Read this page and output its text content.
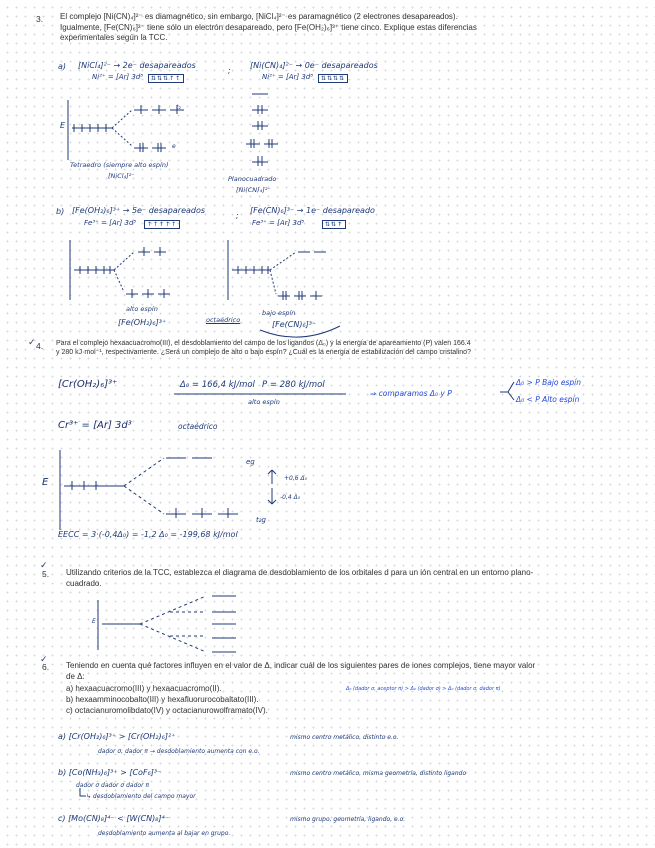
3. El complejo [Ni(CN)₄]²⁻ es diamagnético, sin embargo, [NiCl₄]²⁻ es paramagnético (2 electrones desapareados). Igualmente, [Fe(CN)₆]³⁻ tiene sólo un electrón desapareado, pero [Fe(OH₂)₆]³⁺ tiene cinco. Explique estas diferencias experimentales según la TCC.
a) [NiCl₄]²⁻ → 2e⁻ desapareados
Ni²⁺ = [Ar] 3d⁸	⇅⇅⇅↑↑
;
[Ni(CN)₄]²⁻ → 0e⁻ desapareados
Ni²⁺ = [Ar] 3d⁸	⇅⇅⇅⇅
E
t₂
e
Tetraedro (siempre alto espín)
[NiCl₄]²⁻	Planocuadrado
[Ni(CN)₄]²⁻
b) [Fe(OH₂)₆]³⁺ → 5e⁻ desapareados
Fe³⁺ = [Ar] 3d⁵	↑↑↑↑↑
;
[Fe(CN)₆]³⁻ → 1e⁻ desapareado
Fe³⁺ = [Ar] 3d⁵	⇅⇅↑
alto espín
[Fe(OH₂)₆]³⁺	octaédrico
bajo espín
[Fe(CN)₆]³⁻
✓ 4. Para el complejo hexaacuacromo(III), el desdoblamiento del campo de los ligandos (Δ₀) y la energía de apareamiento (P) valen 166.4 y 280 kJ·mol⁻¹, respectivamente. ¿Será un complejo de alto o bajo espín? ¿Cuál es la energía de estabilización del campo cristalino?
[Cr(OH₂)₆]³⁺	Δ₀ = 166,4 kJ/mol P = 280 kJ/mol
alto espín
⇒ comparamos Δ₀ y P
Δ₀ > P Bajo espín
Δ₀ < P Alto espín
Cr³⁺ = [Ar] 3d³	octaédrico
E
eg
t₂g
+0,6 Δ₀
-0,4 Δ₀
EECC = 3·(-0,4Δ₀) = -1,2 Δ₀ = -199,68 kJ/mol
✓
5. Utilizando criterios de la TCC, establezca el diagrama de desdoblamiento de los orbitales d para un ión central en un entorno plano-cuadrado.
E
✓
6. Teniendo en cuenta qué factores influyen en el valor de Δ, indicar cuál de los siguientes pares de iones complejos, tiene mayor valor de Δ:
a) hexaacuacromo(III) y hexaacuacromo(II).
b) hexaamminocobalto(III) y hexafluorurocobaltato(III).
c) octacianuromolibdato(IV) y octacianurowolframato(IV).
Δ₀ (dador σ, aceptor π) > Δ₀ (dador σ) > Δ₀ (dador σ, dador π)
a) [Cr(OH₂)₆]³⁺ > [Cr(OH₂)₆]²⁺	mismo centro metálico, distinto e.o.
dador σ, dador π → desdoblamiento aumenta con e.o.
b) [Co(NH₃)₆]³⁺ > [CoF₆]³⁻	mismo centro metálico, misma geometría, distinto ligando
dador σ dador σ dador π
↳ desdoblamiento del campo mayor
c) [Mo(CN)₈]⁴⁻ < [W(CN)₈]⁴⁻	mismo grupo, geometría, ligando, e.o.
desdoblamiento aumenta al bajar en grupo.
